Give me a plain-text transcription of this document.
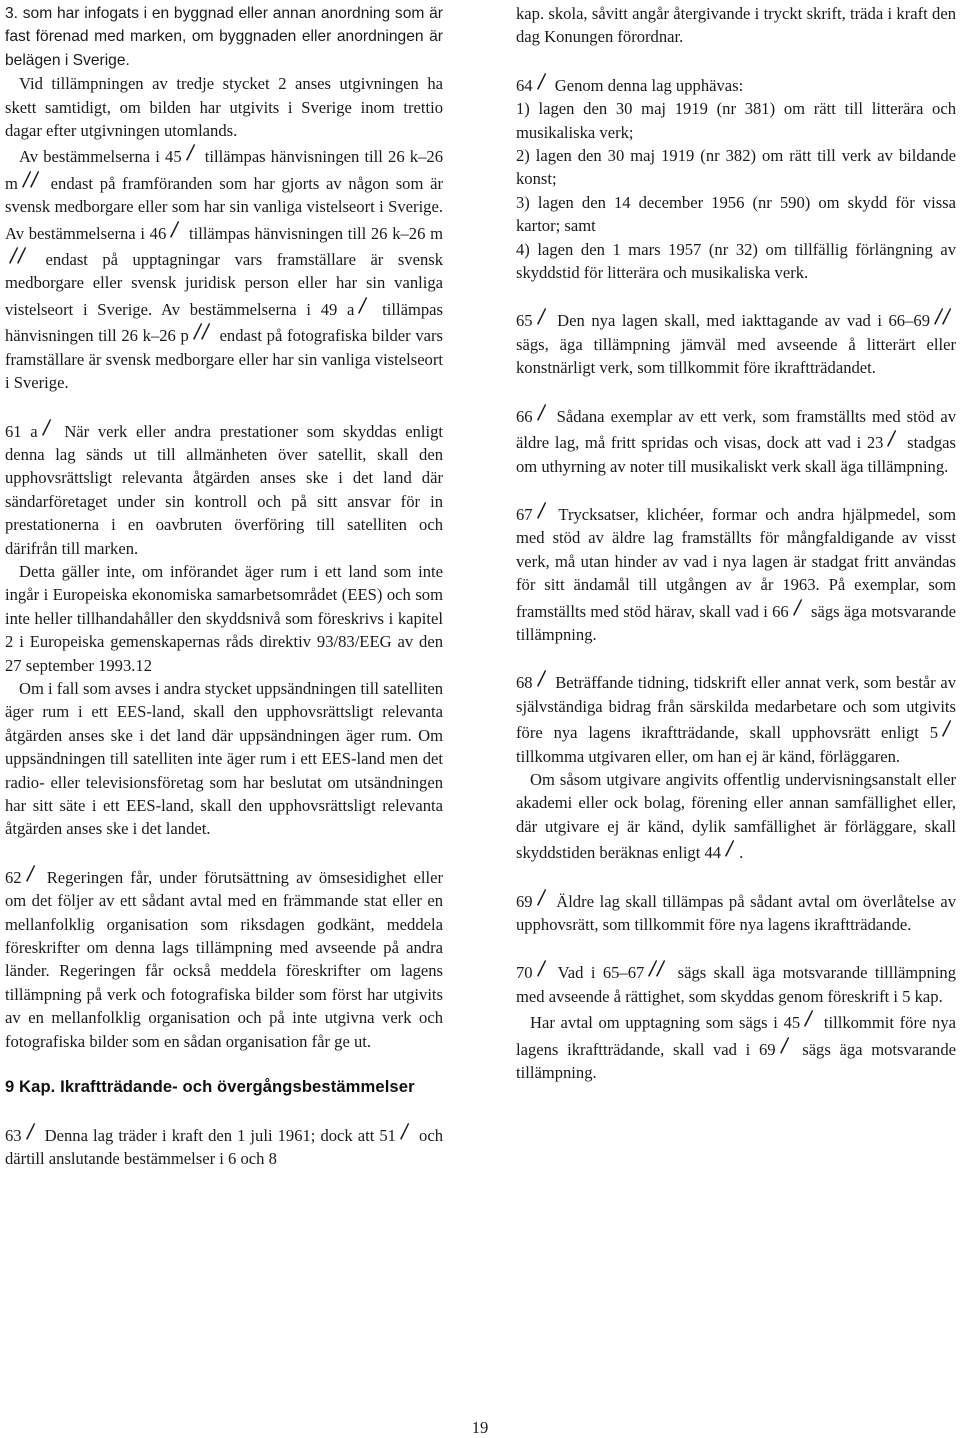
3. som har infogats i en byggnad eller annan anordning som är fast förenad med marken, om byggnaden eller anordningen är belägen i Sverige.

Vid tillämpningen av tredje stycket 2 anses utgivningen ha skett samtidigt, om bilden har utgivits i Sverige inom trettio dagar efter utgivningen utomlands.

Av bestämmelserna i 45
tillämpas hänvisningen till 26 k–26 m
endast på framföranden som har gjorts av någon som är svensk medborgare eller som har sin vanliga vistelseort i Sverige. Av bestämmelserna i 46
tillämpas hänvisningen till 26 k–26 m
endast på upptagningar vars framställare är svensk medborgare eller svensk juridisk person eller har sin vanliga vistelseort i Sverige. Av bestämmelserna i 49 a
tillämpas hänvisningen till 26 k–26 p
endast på fotografiska bilder vars framställare är svensk medborgare eller har sin vanliga vistelseort i Sverige.

61 a
När verk eller andra prestationer som skyddas enligt denna lag sänds ut till allmänheten över satellit, skall den upphovsrättsligt relevanta åtgärden anses ske i det land där sändarföretaget under sin kontroll och på sitt ansvar för in prestationerna i en oavbruten överföring till satelliten och därifrån till marken.

Detta gäller inte, om införandet äger rum i ett land som inte ingår i Europeiska ekonomiska samarbetsområdet (EES) och som inte heller tillhandahåller den skyddsnivå som föreskrivs i kapitel 2 i Europeiska gemenskapernas råds direktiv 93/83/EEG av den 27 september 1993.12

Om i fall som avses i andra stycket uppsändningen till satelliten äger rum i ett EES-land, skall den upphovsrättsligt relevanta åtgärden anses ske i det land där uppsändningen äger rum. Om uppsändningen till satelliten inte äger rum i ett EES-land men det radio- eller televisionsföretag som har beslutat om utsändningen har sitt säte i ett EES-land, skall den upphovsrättsligt relevanta åtgärden anses ske i det landet.

62
Regeringen får, under förutsättning av ömsesidighet eller om det följer av ett sådant avtal med en främmande stat eller en mellanfolklig organisation som riksdagen godkänt, meddela föreskrifter om denna lags tillämpning med avseende på andra länder. Regeringen får också meddela föreskrifter om lagens tillämpning på verk och fotografiska bilder som först har utgivits av en mellanfolklig organisation och på inte utgivna verk och fotografiska bilder som en sådan organisation får ge ut.

9 Kap. Ikraftträdande- och övergångsbestämmelser

63
Denna lag träder i kraft den 1 juli 1961; dock att 51
och därtill anslutande bestämmelser i 6 och 8

kap. skola, såvitt angår återgivande i tryckt skrift, träda i kraft den dag Konungen förordnar.

64
Genom denna lag upphävas:

1) lagen den 30 maj 1919 (nr 381) om rätt till litterära och musikaliska verk;

2) lagen den 30 maj 1919 (nr 382) om rätt till verk av bildande konst;

3) lagen den 14 december 1956 (nr 590) om skydd för vissa kartor; samt

4) lagen den 1 mars 1957 (nr 32) om tillfällig förlängning av skyddstid för litterära och musikaliska verk.

65
Den nya lagen skall, med iakttagande av vad i 66–69
sägs, äga tillämpning jämväl med avseende å litterärt eller konstnärligt verk, som tillkommit före ikraftträdandet.

66
Sådana exemplar av ett verk, som framställts med stöd av äldre lag, må fritt spridas och visas, dock att vad i 23
stadgas om uthyrning av noter till musikaliskt verk skall äga tillämpning.

67
Trycksatser, klichéer, formar och andra hjälpmedel, som med stöd av äldre lag framställts för mångfaldigande av visst verk, må utan hinder av vad i nya lagen är stadgat fritt användas för sitt ändamål till utgången av år 1963. På exemplar, som framställts med stöd härav, skall vad i 66
sägs äga motsvarande tillämpning.

68
Beträffande tidning, tidskrift eller annat verk, som består av självständiga bidrag från särskilda medarbetare och som utgivits före nya lagens ikraftträdande, skall upphovsrätt enligt 5
tillkomma utgivaren eller, om han ej är känd, förläggaren.

Om såsom utgivare angivits offentlig undervisningsanstalt eller akademi eller ock bolag, förening eller annan samfällighet eller, där utgivare ej är känd, dylik samfällighet är förläggare, skall skyddstiden beräknas enligt 44 .

69
Äldre lag skall tillämpas på sådant avtal om överlåtelse av upphovsrätt, som tillkommit före nya lagens ikraftträdande.

70
Vad i 65–67
sägs skall äga motsvarande tilllämpning med avseende å rättighet, som skyddas genom föreskrift i 5 kap.

Har avtal om upptagning som sägs i 45
tillkommit före nya lagens ikraftträdande, skall vad i 69
sägs äga motsvarande tillämpning.

19
